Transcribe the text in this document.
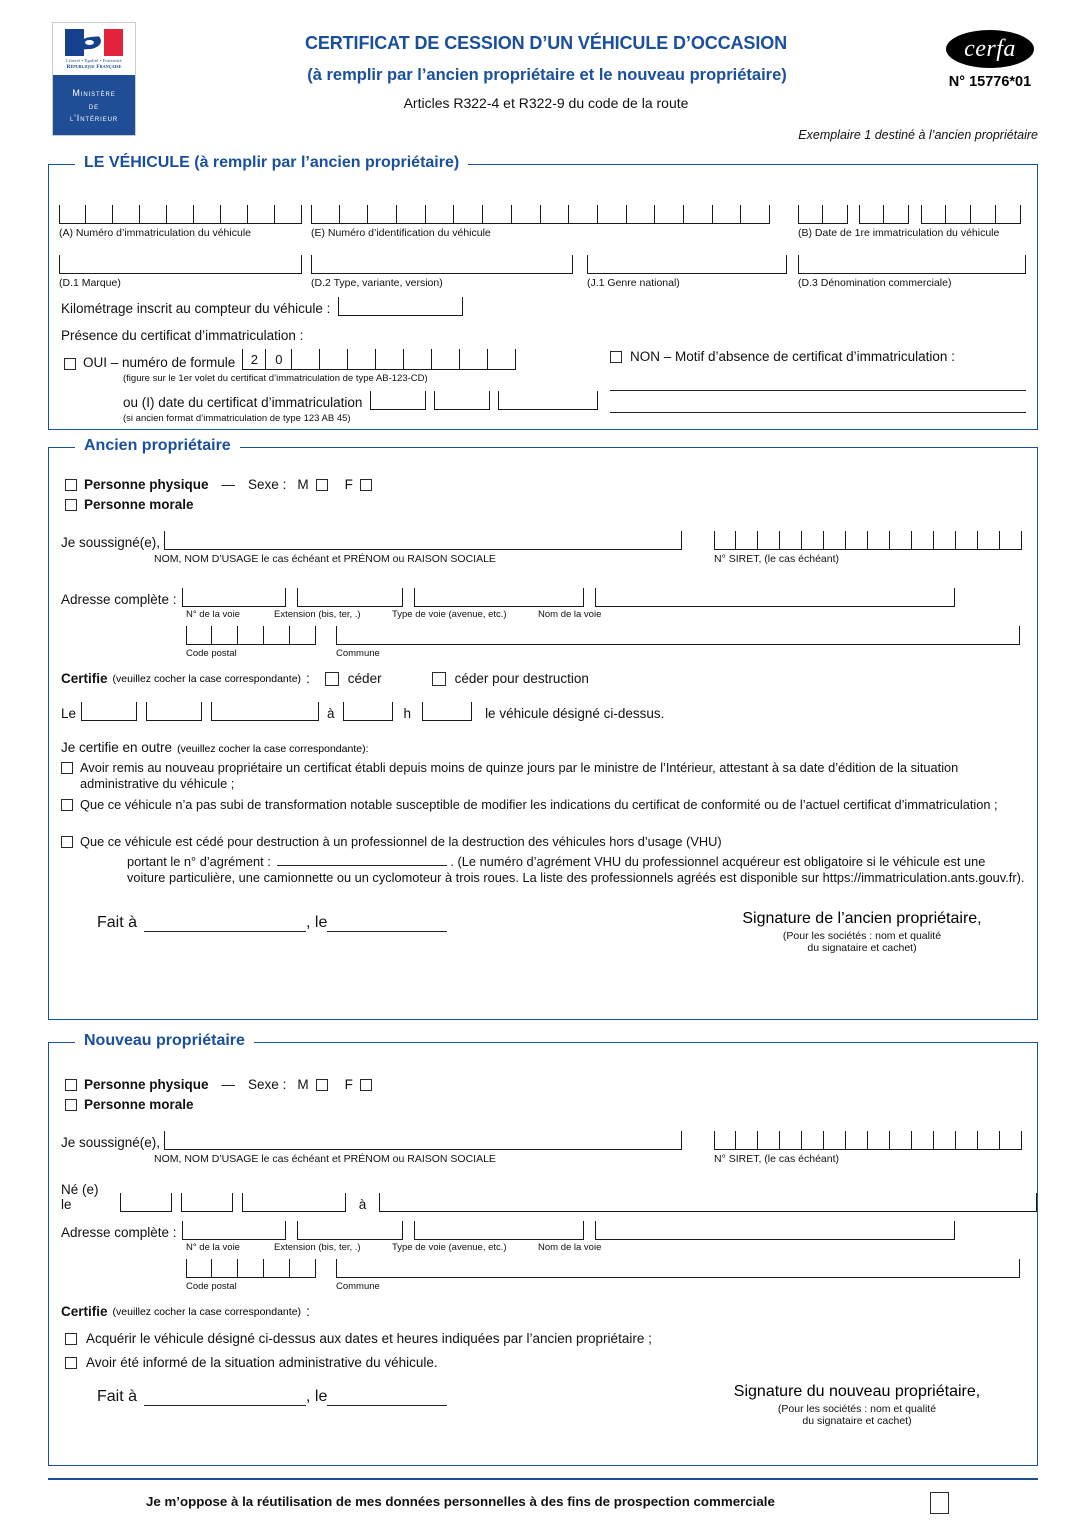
Liberté • Égalité • Fraternité
République Française
Ministère
de
l'Intérieur
CERTIFICAT DE CESSION D’UN VÉHICULE D’OCCASION
(à remplir par l’ancien propriétaire et le nouveau propriétaire)
Articles R322-4 et R322-9 du code de la route
cerfa
N° 15776*01
Exemplaire 1 destiné à l’ancien propriétaire
LE VÉHICULE (à remplir par l’ancien propriétaire)
(A) Numéro d’immatriculation du véhicule	(E) Numéro d’identification du véhicule

	(B) Date de 1re immatriculation du véhicule
(D.1 Marque)	(D.2 Type, variante, version)	(J.1 Genre national)	(D.3 Dénomination commerciale)
Kilométrage inscrit au compteur du véhicule :
Présence du certificat d’immatriculation :
OUI – numéro de formule	2	0
(figure sur le 1er volet du certificat d’immatriculation de type AB-123-CD)
ou (I) date du certificat d’immatriculation
(si ancien format d’immatriculation de type 123 AB 45)
NON – Motif d’absence de certificat d’immatriculation :
Ancien propriétaire
Personne physique — Sexe : M	F
Personne morale
Je soussigné(e),
NOM, NOM D’USAGE le cas échéant et PRÉNOM ou RAISON SOCIALE	N° SIRET, (le cas échéant)
Adresse complète :
N° de la voie	Extension (bis, ter, .)	Type de voie (avenue, etc.)	Nom de la voie
Code postal	Commune
Certifie (veuillez cocher la case correspondante) :	céder	céder pour destruction
Le	à	h	le véhicule désigné ci-dessus.
Je certifie en outre (veuillez cocher la case correspondante):
Avoir remis au nouveau propriétaire un certificat établi depuis moins de quinze jours par le ministre de l’Intérieur, attestant à sa date d’édition de la situation administrative du véhicule ;
Que ce véhicule n’a pas subi de transformation notable susceptible de modifier les indications du certificat de conformité ou de l’actuel certificat d’immatriculation ;
Que ce véhicule est cédé pour destruction à un professionnel de la destruction des véhicules hors d’usage (VHU)
portant le n° d’agrément :	. (Le numéro d’agrément VHU du professionnel acquéreur est obligatoire si le véhicule est une voiture particulière, une camionnette ou un cyclomoteur à trois roues. La liste des professionnels agréés est disponible sur https://immatriculation.ants.gouv.fr).
Fait à	, le	Signature de l’ancien propriétaire,
(Pour les sociétés : nom et qualité
du signataire et cachet)
Nouveau propriétaire
Personne physique — Sexe : M	F
Personne morale
Je soussigné(e),
NOM, NOM D’USAGE le cas échéant et PRÉNOM ou RAISON SOCIALE	N° SIRET, (le cas échéant)
Né (e) le	à
Adresse complète :
N° de la voie	Extension (bis, ter, .)	Type de voie (avenue, etc.)	Nom de la voie
Code postal	Commune
Certifie (veuillez cocher la case correspondante) :
Acquérir le véhicule désigné ci-dessus aux dates et heures indiquées par l’ancien propriétaire ;
Avoir été informé de la situation administrative du véhicule.
Fait à	, le	Signature du nouveau propriétaire,
(Pour les sociétés : nom et qualité
du signataire et cachet)
Je m’oppose à la réutilisation de mes données personnelles à des fins de prospection commerciale
